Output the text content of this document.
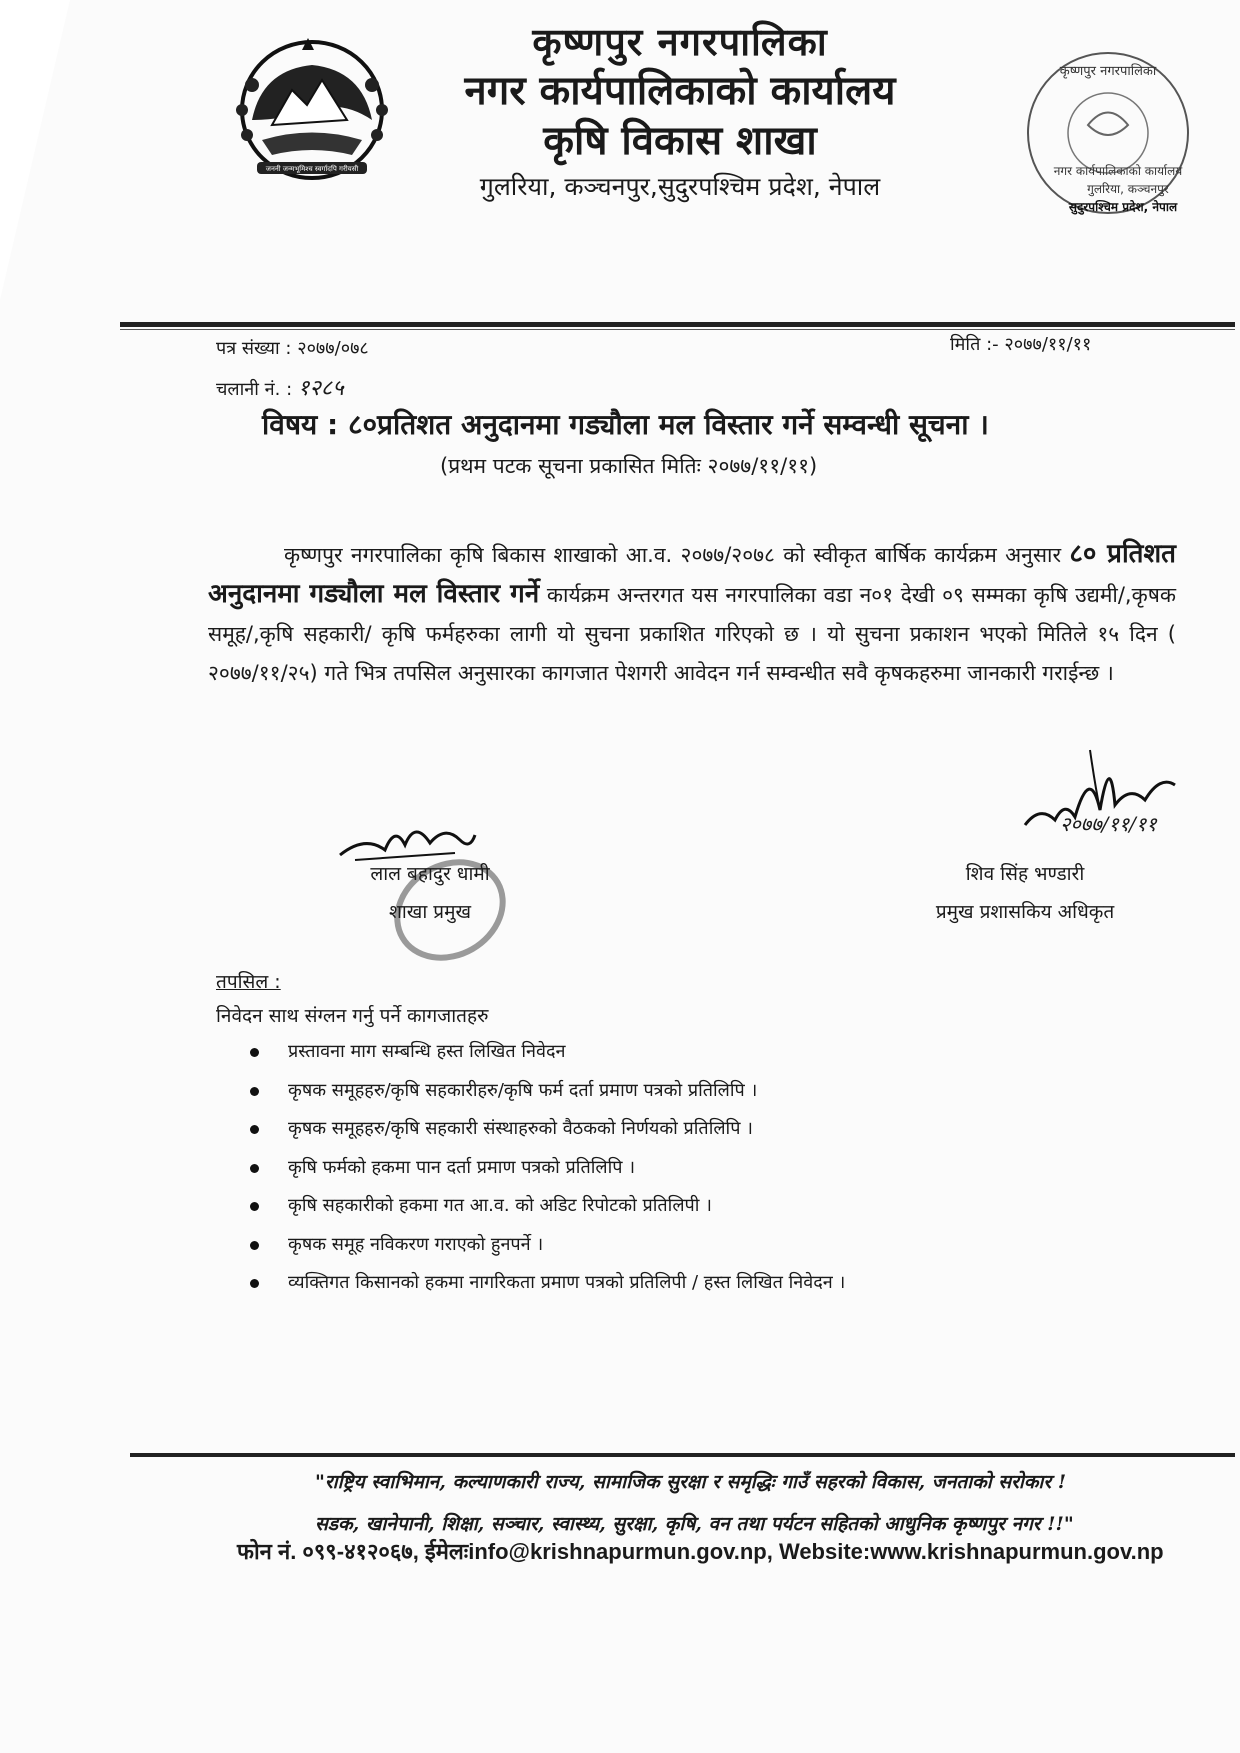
जननी जन्मभूमिश्च स्वर्गादपि गरीयसी
कृष्णपुर नगरपालिका
नगर कार्यपालिकाको कार्यालय
कृषि विकास शाखा
गुलरिया, कञ्चनपुर,सुदुरपश्चिम प्रदेश, नेपाल
कृष्णपुर नगरपालिका
नगर कार्यपालिकाको कार्यालय
गुलरिया, कञ्चनपुर
सुदुरपश्चिम प्रदेश, नेपाल
पत्र संख्या : २०७७/०७८
चलानी नं. : १२८५
मिति :- २०७७/११/११
विषय : ८०प्रतिशत अनुदानमा गड्यौला मल विस्तार गर्ने सम्वन्धी सूचना ।
(प्रथम पटक सूचना प्रकासित मितिः २०७७/११/११)
कृष्णपुर नगरपालिका कृषि बिकास शाखाको आ.व. २०७७/२०७८ को स्वीकृत बार्षिक कार्यक्रम अनुसार ८० प्रतिशत अनुदानमा गड्यौला मल विस्तार गर्ने कार्यक्रम अन्तरगत यस नगरपालिका वडा न०१ देखी ०९ सम्मका कृषि उद्यमी/,कृषक समूह/,कृषि सहकारी/ कृषि फर्महरुका लागी यो सुचना प्रकाशित गरिएको छ । यो सुचना प्रकाशन भएको मितिले १५ दिन ( २०७७/११/२५) गते भित्र तपसिल अनुसारका कागजात पेशगरी आवेदन गर्न सम्वन्धीत सवै कृषकहरुमा जानकारी गराईन्छ ।
लाल बहादुर धामी
शाखा प्रमुख
२०७७/११/११
शिव सिंह भण्डारी
प्रमुख प्रशासकिय अधिकृत
तपसिल :
निवेदन साथ संग्लन गर्नु पर्ने कागजातहरु
प्रस्तावना माग सम्बन्धि हस्त लिखित निवेदन
कृषक समूहहरु/कृषि सहकारीहरु/कृषि फर्म दर्ता प्रमाण पत्रको प्रतिलिपि ।
कृषक समूहहरु/कृषि सहकारी संस्थाहरुको वैठकको निर्णयको प्रतिलिपि ।
कृषि फर्मको हकमा पान दर्ता प्रमाण पत्रको प्रतिलिपि ।
कृषि सहकारीको हकमा गत आ.व. को अडिट रिपोटको प्रतिलिपी ।
कृषक समूह नविकरण गराएको हुनपर्ने ।
व्यक्तिगत किसानको हकमा नागरिकता प्रमाण पत्रको प्रतिलिपी / हस्त लिखित निवेदन ।
"राष्ट्रिय स्वाभिमान, कल्याणकारी राज्य, सामाजिक सुरक्षा र समृद्धिः गाउँ सहरको विकास, जनताको सरोकार !
सडक, खानेपानी, शिक्षा, सञ्चार, स्वास्थ्य, सुरक्षा, कृषि, वन तथा पर्यटन सहितको आधुनिक कृष्णपुर नगर !!"
फोन नं. ०९९-४१२०६७, ईमेलःinfo@krishnapurmun.gov.np, Website:www.krishnapurmun.gov.np
